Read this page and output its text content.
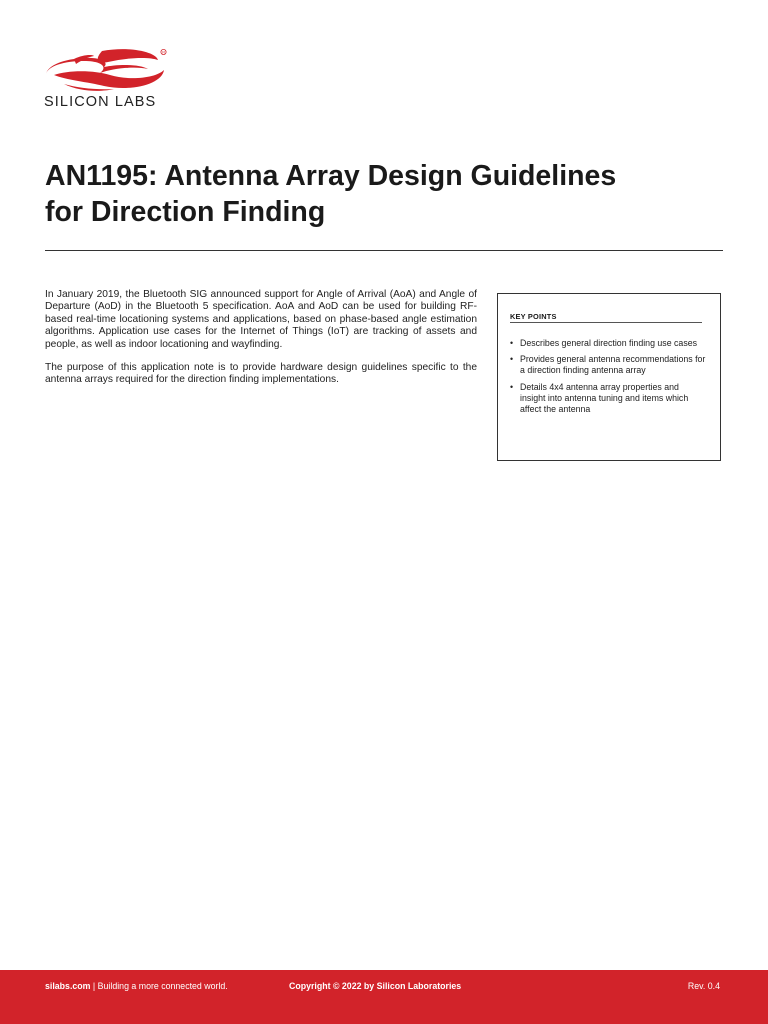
R
SILICON LABS
AN1195: Antenna Array Design Guidelines
for Direction Finding

In January 2019, the Bluetooth SIG announced support for Angle of Arrival (AoA) and Angle of Departure (AoD) in the Bluetooth 5 specification. AoA and AoD can be used for building RF-based real-time locationing systems and applications, based on phase-based angle estimation algorithms. Application use cases for the Internet of Things (IoT) are tracking of assets and people, as well as indoor locationing and wayfinding.

The purpose of this application note is to provide hardware design guidelines specific to the antenna arrays required for the direction finding implementations.

KEY POINTS
• Describes general direction finding use cases
• Provides general antenna recommendations for a direction finding antenna array
• Details 4x4 antenna array properties and insight into antenna tuning and items which affect the antenna
silabs.com | Building a more connected world.	Copyright © 2022 by Silicon Laboratories	Rev. 0.4
